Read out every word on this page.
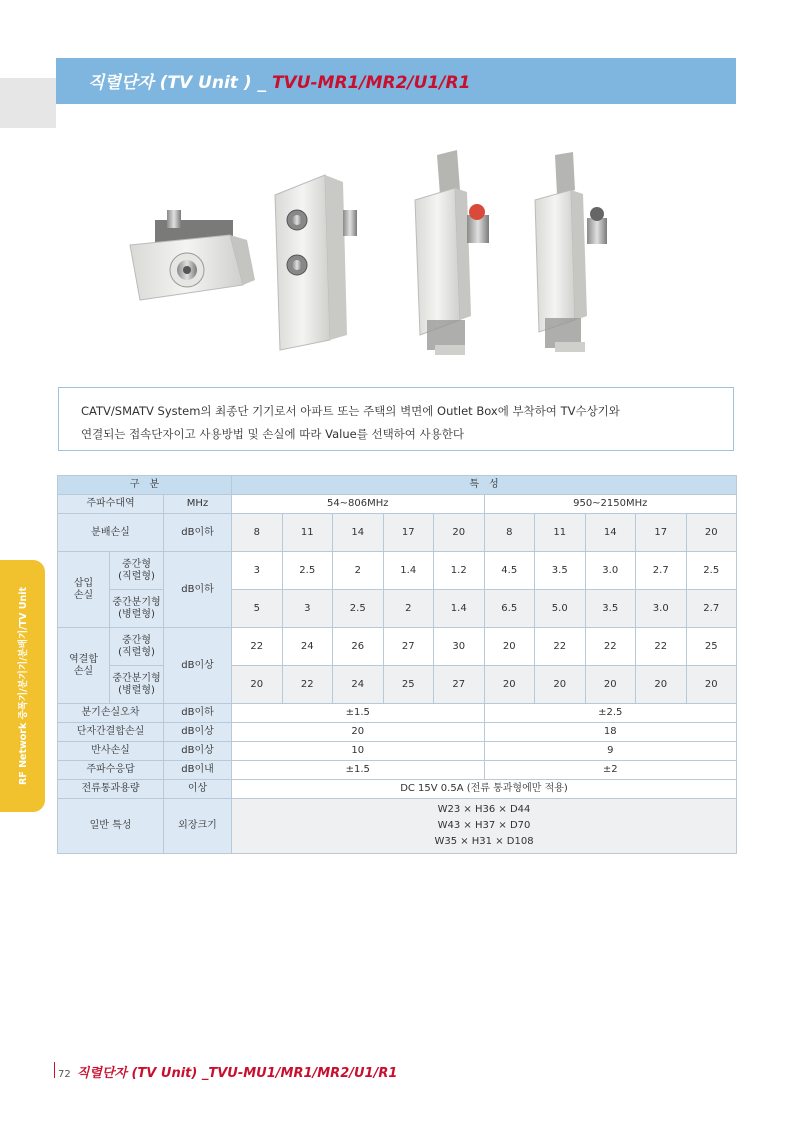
직렬단자 (TV Unit ) _ TVU-MR1/MR2/U1/R1
CATV/SMATV System의 최종단 기기로서 아파트 또는 주택의 벽면에 Outlet Box에 부착하여 TV수상기와
연결되는 접속단자이고 사용방법 및 손실에 따라 Value를 선택하여 사용한다
RF Network 증폭기/분기기/분배기/TV Unit
구　분			특　성									
주파수대역		MHz	54~806MHz					950~2150MHz				
분배손실		dB이하	8	11	14	17	20	8	11	14	17	20
삽입
손실	중간형
(직렬형)	dB이하	3	2.5	2	1.4	1.2	4.5	3.5	3.0	2.7	2.5
	중간분기형
(병렬형)		5	3	2.5	2	1.4	6.5	5.0	3.5	3.0	2.7
역결합
손실	중간형
(직렬형)	dB이상	22	24	26	27	30	20	22	22	22	25
	중간분기형
(병렬형)		20	22	24	25	27	20	20	20	20	20
분기손실오차		dB이하	±1.5					±2.5				
단자간결합손실		dB이상	20					18				
반사손실		dB이상	10					9				
주파수응답		dB이내	±1.5					±2				
전류통과용량		이상	DC 15V 0.5A (전류 통과형에만 적용)									
일반 특성		외장크기	W23 × H36 × D44
W43 × H37 × D70
W35 × H31 × D108									
72 직렬단자 (TV Unit) _TVU-MU1/MR1/MR2/U1/R1
